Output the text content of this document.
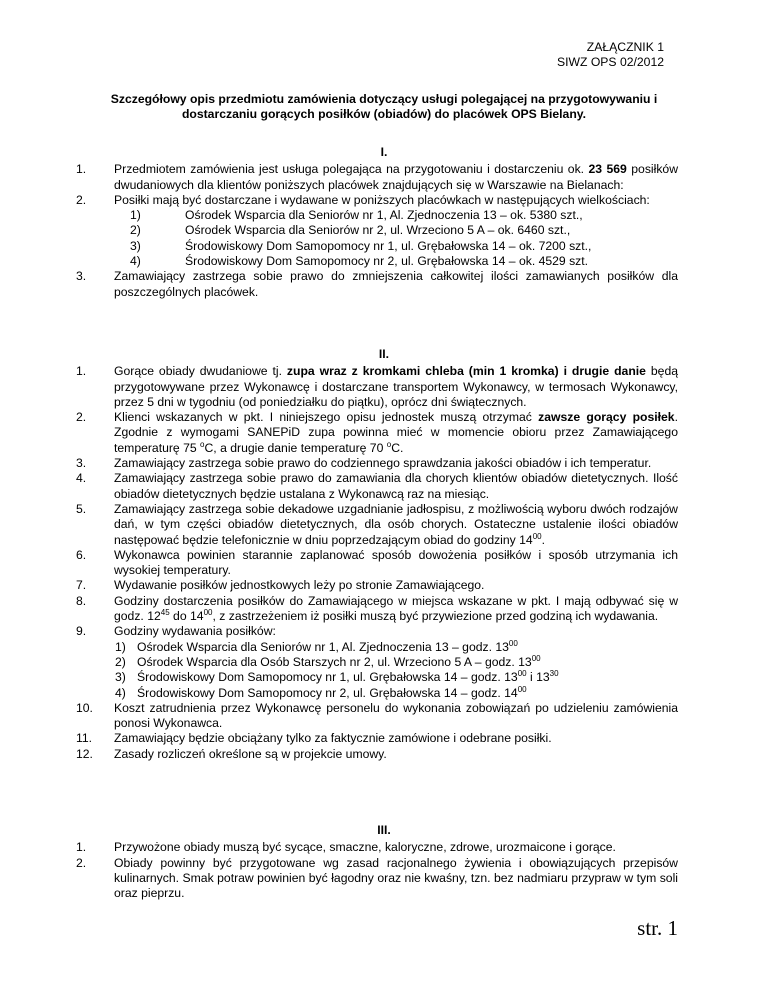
ZAŁĄCZNIK 1
SIWZ OPS 02/2012
Szczegółowy opis przedmiotu zamówienia dotyczący usługi polegającej na przygotowywaniu i dostarczaniu gorących posiłków (obiadów) do placówek OPS Bielany.
I.
1.	Przedmiotem zamówienia jest usługa polegająca na przygotowaniu i dostarczeniu ok. 23 569 posiłków dwudaniowych dla klientów poniższych placówek znajdujących się w Warszawie na Bielanach:
2.	Posiłki mają być dostarczane i wydawane w poniższych placówkach w następujących wielkościach:
1)	Ośrodek Wsparcia dla Seniorów nr 1, Al. Zjednoczenia 13 – ok. 5380 szt.,
2)	Ośrodek Wsparcia dla Seniorów nr 2, ul. Wrzeciono 5 A – ok. 6460 szt.,
3)	Środowiskowy Dom Samopomocy nr 1, ul. Grębałowska 14 – ok. 7200 szt.,
4)	Środowiskowy Dom Samopomocy nr 2, ul. Grębałowska 14 – ok. 4529 szt.
3.	Zamawiający zastrzega sobie prawo do zmniejszenia całkowitej ilości zamawianych posiłków dla poszczególnych placówek.
II.
1.	Gorące obiady dwudaniowe tj. zupa wraz z kromkami chleba (min 1 kromka) i drugie danie będą przygotowywane przez Wykonawcę i dostarczane transportem Wykonawcy, w termosach Wykonawcy, przez 5 dni w tygodniu (od poniedziałku do piątku), oprócz dni świątecznych.
2.	Klienci wskazanych w pkt. I niniejszego opisu jednostek muszą otrzymać zawsze gorący posiłek. Zgodnie z wymogami SANEPiD zupa powinna mieć w momencie obioru przez Zamawiającego temperaturę 75 $^o$C, a drugie danie temperaturę 70 $^o$C.
3.	Zamawiający zastrzega sobie prawo do codziennego sprawdzania jakości obiadów i ich temperatur.
4.	Zamawiający zastrzega sobie prawo do zamawiania dla chorych klientów obiadów dietetycznych. Ilość obiadów dietetycznych będzie ustalana z Wykonawcą raz na miesiąc.
5.	Zamawiający zastrzega sobie dekadowe uzgadnianie jadłospisu, z możliwością wyboru dwóch rodzajów dań, w tym części obiadów dietetycznych, dla osób chorych. Ostateczne ustalenie ilości obiadów następować będzie telefonicznie w dniu poprzedzającym obiad do godziny $14^{00}$.
6.	Wykonawca powinien starannie zaplanować sposób dowożenia posiłków i sposób utrzymania ich wysokiej temperatury.
7.	Wydawanie posiłków jednostkowych leży po stronie Zamawiającego.
8.	Godziny dostarczenia posiłków do Zamawiającego w miejsca wskazane w pkt. I mają odbywać się w godz. $12^{45}$ do $14^{00}$, z zastrzeżeniem iż posiłki muszą być przywiezione przed godziną ich wydawania.
9.	Godziny wydawania posiłków:
1) Ośrodek Wsparcia dla Seniorów nr 1, Al. Zjednoczenia 13 – godz. $13^{00}$
2) Ośrodek Wsparcia dla Osób Starszych nr 2, ul. Wrzeciono 5 A – godz. $13^{00}$
3) Środowiskowy Dom Samopomocy nr 1, ul. Grębałowska 14 – godz. $13^{00}$ i $13^{30}$
4) Środowiskowy Dom Samopomocy nr 2, ul. Grębałowska 14 – godz. $14^{00}$
10.	Koszt zatrudnienia przez Wykonawcę personelu do wykonania zobowiązań po udzieleniu zamówienia ponosi Wykonawca.
11.	Zamawiający będzie obciążany tylko za faktycznie zamówione i odebrane posiłki.
12.	Zasady rozliczeń określone są w projekcie umowy.
III.
1.	Przywożone obiady muszą być sycące, smaczne, kaloryczne, zdrowe, urozmaicone i gorące.
2.	Obiady powinny być przygotowane wg zasad racjonalnego żywienia i obowiązujących przepisów kulinarnych. Smak potraw powinien być łagodny oraz nie kwaśny, tzn. bez nadmiaru przypraw w tym soli oraz pieprzu.
str. 1
